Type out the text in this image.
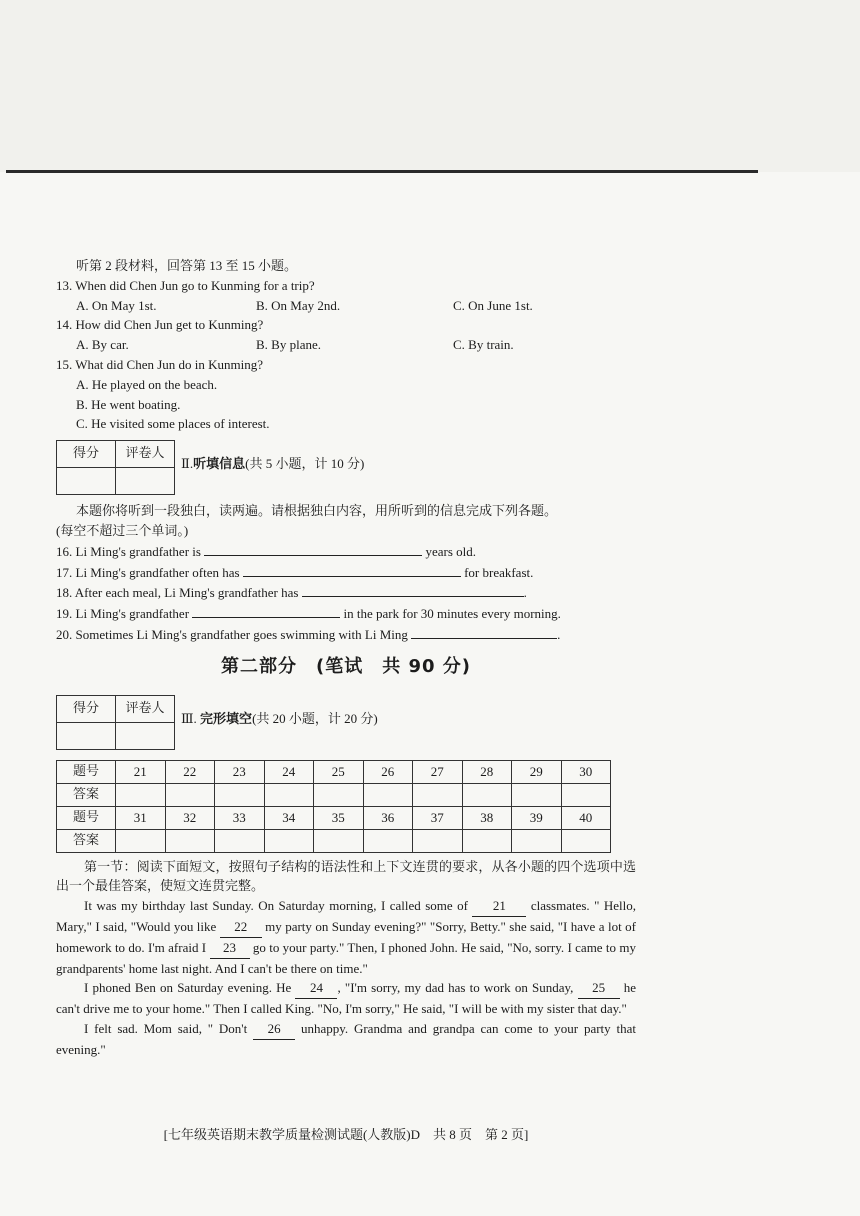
听第 2 段材料，回答第 13 至 15 小题。
13. When did Chen Jun go to Kunming for a trip?
A. On May 1st.	B. On May 2nd.	C. On June 1st.
14. How did Chen Jun get to Kunming?
A. By car.	B. By plane.	C. By train.
15. What did Chen Jun do in Kunming?
A. He played on the beach.
B. He went boating.
C. He visited some places of interest.
得分	评卷人

Ⅱ.听填信息(共 5 小题，计 10 分)
本题你将听到一段独白，读两遍。请根据独白内容，用所听到的信息完成下列各题。
(每空不超过三个单词。)
16. Li Ming's grandfather is	years old.
17. Li Ming's grandfather often has	for breakfast.
18. After each meal, Li Ming's grandfather has	.
19. Li Ming's grandfather	in the park for 30 minutes every morning.
20. Sometimes Li Ming's grandfather goes swimming with Li Ming	.
第二部分　(笔试　共 90 分)
得分	评卷人

Ⅲ. 完形填空(共 20 小题，计 20 分)
题号	21	22	23	24	25	26	27	28	29	30
答案										
题号	31	32	33	34	35	36	37	38	39	40
答案										
第一节：阅读下面短文，按照句子结构的语法性和上下文连贯的要求，从各小题的四个选项中选出一个最佳答案，使短文连贯完整。
It was my birthday last Sunday. On Saturday morning, I called some of 21 classmates. " Hello, Mary," I said, "Would you like 22 my party on Sunday evening?" "Sorry, Betty." she said, "I have a lot of homework to do. I'm afraid I 23 go to your party." Then, I phoned John. He said, "No, sorry. I came to my grandparents' home last night. And I can't be there on time."
I phoned Ben on Saturday evening. He 24 , "I'm sorry, my dad has to work on Sunday, 25 he can't drive me to your home." Then I called King. "No, I'm sorry," He said, "I will be with my sister that day."
I felt sad. Mom said, " Don't 26 unhappy. Grandma and grandpa can come to your party that evening."
[七年级英语期末教学质量检测试题(人教版)D　共 8 页　第 2 页]
